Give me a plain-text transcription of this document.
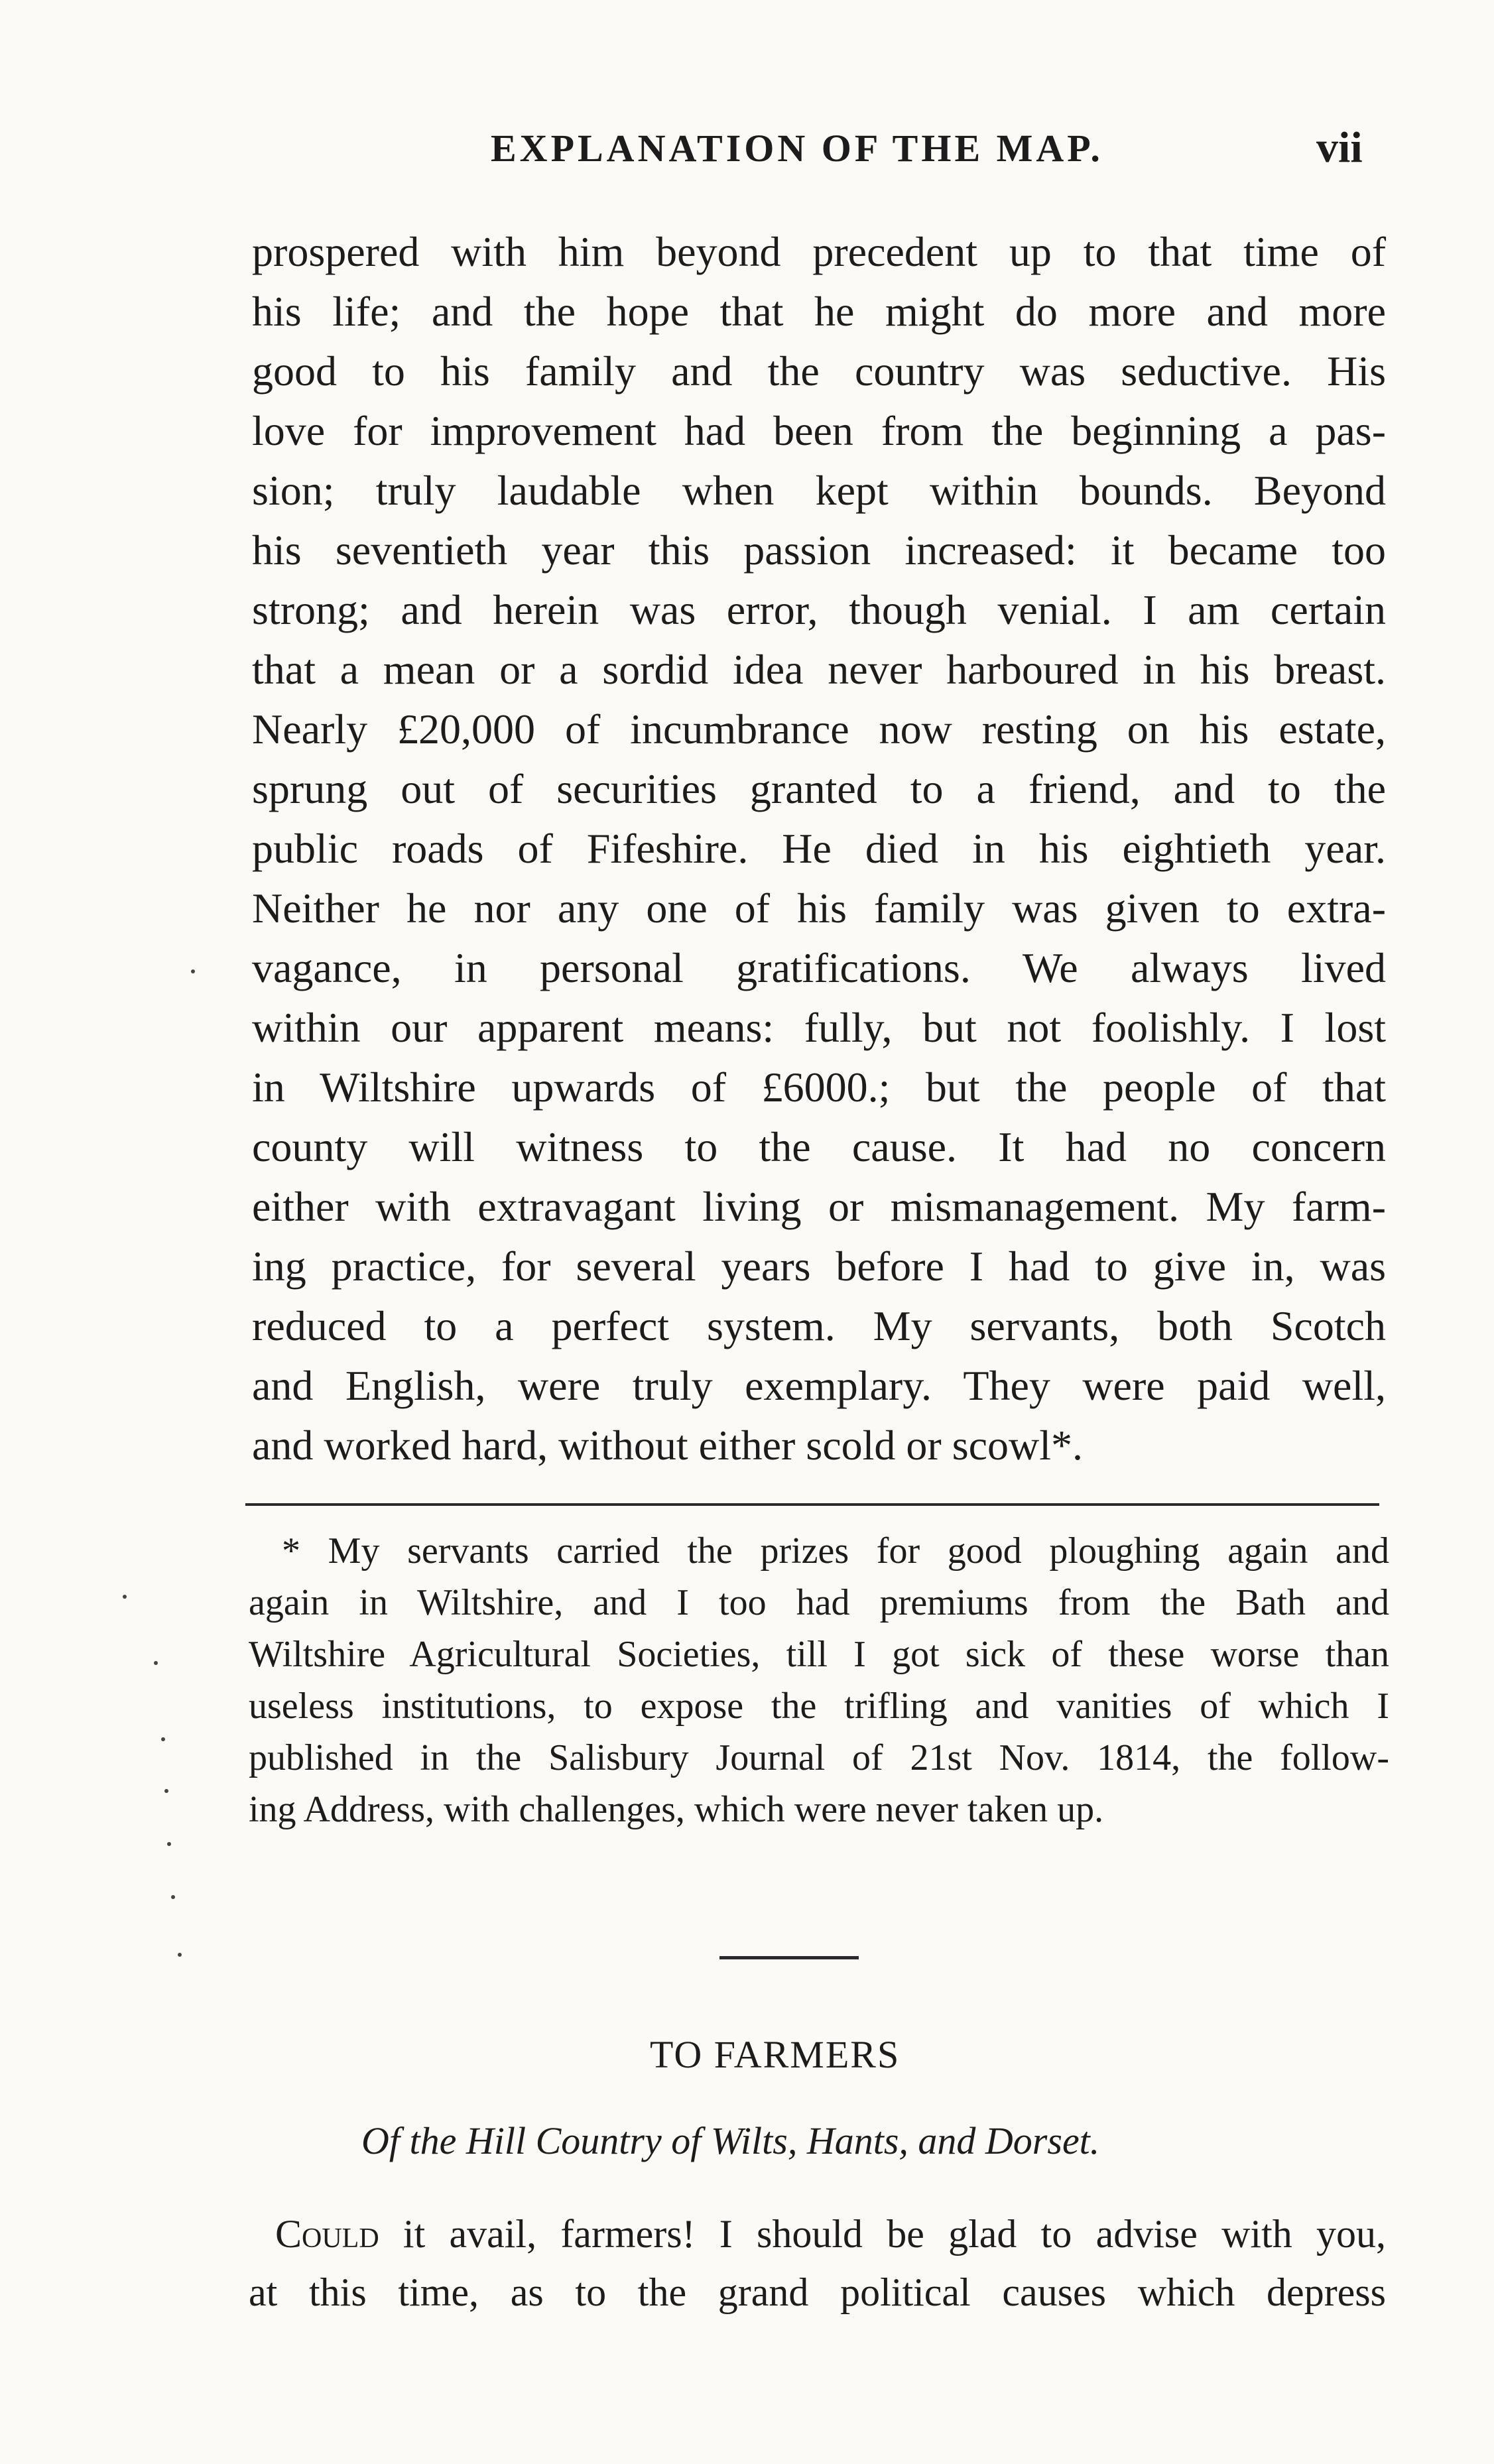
EXPLANATION OF THE MAP.	vii
prospered with him beyond precedent up to that time of
his life; and the hope that he might do more and more
good to his family and the country was seductive. His
love for improvement had been from the beginning a pas-
sion; truly laudable when kept within bounds. Beyond
his seventieth year this passion increased: it became too
strong; and herein was error, though venial. I am certain
that a mean or a sordid idea never harboured in his breast.
Nearly £20,000 of incumbrance now resting on his estate,
sprung out of securities granted to a friend, and to the
public roads of Fifeshire. He died in his eightieth year.
Neither he nor any one of his family was given to extra-
vagance, in personal gratifications. We always lived
within our apparent means: fully, but not foolishly. I lost
in Wiltshire upwards of £6000.; but the people of that
county will witness to the cause. It had no concern
either with extravagant living or mismanagement. My farm-
ing practice, for several years before I had to give in, was
reduced to a perfect system. My servants, both Scotch
and English, were truly exemplary. They were paid well,
and worked hard, without either scold or scowl*.
* My servants carried the prizes for good ploughing again and
again in Wiltshire, and I too had premiums from the Bath and
Wiltshire Agricultural Societies, till I got sick of these worse than
useless institutions, to expose the trifling and vanities of which I
published in the Salisbury Journal of 21st Nov. 1814, the follow-
ing Address, with challenges, which were never taken up.
TO FARMERS
Of the Hill Country of Wilts, Hants, and Dorset.
Could it avail, farmers! I should be glad to advise with you,
at this time, as to the grand political causes which depress
